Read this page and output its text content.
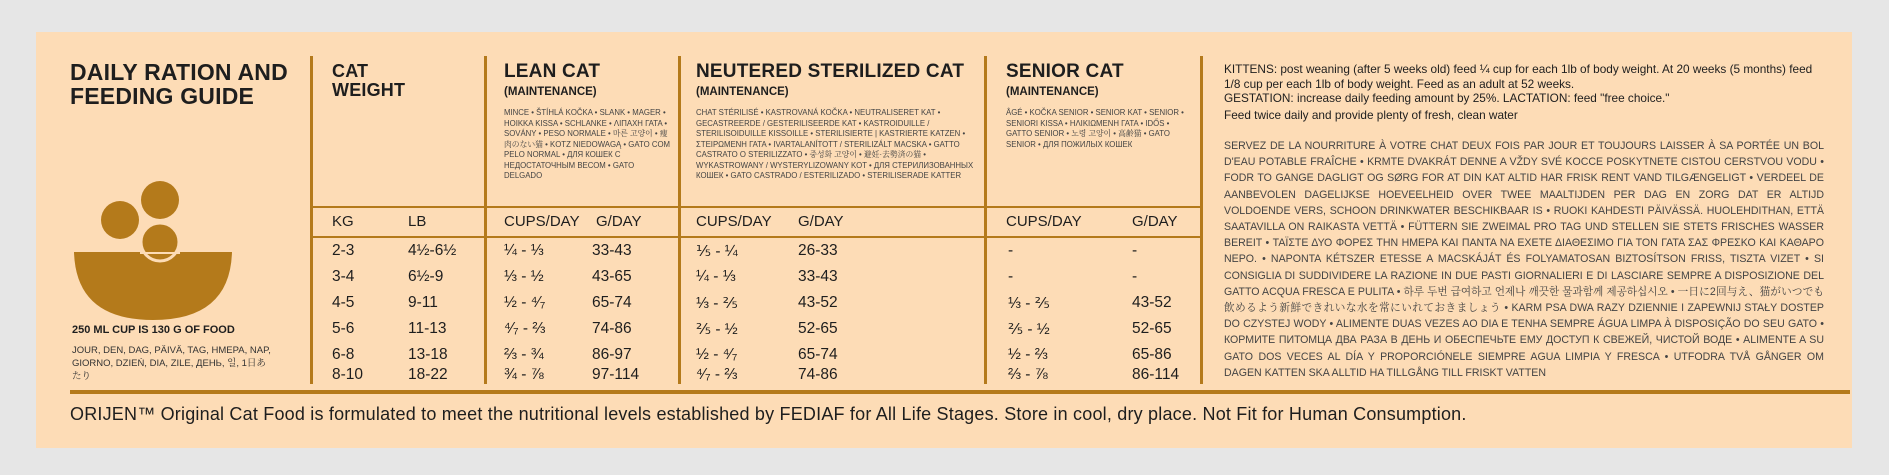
DAILY RATION AND FEEDING GUIDE
250 ML CUP IS 130 G OF FOOD
JOUR, DEN, DAG, PÄIVÄ, TAG, HMEPA, NAP, GIORNO, DZIEŃ, DIA, ZILE, ДЕНЬ, 일, 1日あたり
CAT
WEIGHT
LEAN CAT
(MAINTENANCE)
MINCE • ŠTÍHLÁ KOČKA • SLANK • MAGER • HOIKKA KISSA • SCHLANKE • ΛΙΠΑΧΗ ΓΑΤΑ • SOVÁNY • PESO NORMALE • 마른 고양이 • 痩肉のない猫 • KOTZ NIEDOWAGĄ • GATO COM PELO NORMAL • ДЛЯ КОШЕК С НЕДОСТАТОЧНЫМ ВЕСОМ • GATO DELGADO
NEUTERED STERILIZED CAT
(MAINTENANCE)
CHAT STÉRILISÉ • KASTROVANÁ KOČKA • NEUTRALISERET KAT • GECASTREERDE / GESTERILISEERDE KAT • KASTROIDUILLE / STERILISOIDUILLE KISSOILLE • STERILISIERTE | KASTRIERTE KATZEN • ΣΤΕΙΡΩΜΕΝΗ ΓΑΤΑ • IVARTALANÍTOTT / STERILIZÁLT MACSKA • GATTO CASTRATO O STERILIZZATO • 중성화 고양이 • 避妊·去勢済の猫 • WYKASTROWANY / WYSTERYLIZOWANY KOT • ДЛЯ СТЕРИЛИЗОВАННЫХ КОШЕК • GATO CASTRADO / ESTERILIZADO • STERILISERADE KATTER
SENIOR CAT
(MAINTENANCE)
ÂGÉ • KOČKA SENIOR • SENIOR KAT • SENIOR • SENIORI KISSA • ΗΛΙΚΙΩΜΕΝΗ ΓΑΤΑ • IDŐS • GATTO SENIOR • 노령 고양이 • 高齢猫 • GATO SENIOR • ДЛЯ ПОЖИЛЫХ КОШЕК
KG	LB	CUPS/DAY G/DAY	CUPS/DAY G/DAY	CUPS/DAY	G/DAY
2-3	4½-6½	¼ - ⅓	33-43	⅕ - ¼	26-33	-	-
3-4	6½-9	⅓ - ½	43-65	¼ - ⅓	33-43	-	-
4-5	9-11	½ - ⁴⁄₇	65-74	⅓ - ⅖	43-52	⅓ - ⅖	43-52
5-6	11-13	⁴⁄₇ - ⅔	74-86	⅖ - ½	52-65	⅖ - ½	52-65
6-8	13-18	⅔ - ¾	86-97	½ - ⁴⁄₇	65-74	½ - ⅔	65-86
8-10	18-22	¾ - ⅞	97-114	⁴⁄₇ - ⅔	74-86	⅔ - ⅞	86-114
KITTENS: post weaning (after 5 weeks old) feed ¼ cup for each 1lb of body weight. At 20 weeks (5 months) feed 1/8 cup per each 1lb of body weight. Feed as an adult at 52 weeks.
GESTATION: increase daily feeding amount by 25%. LACTATION: feed "free choice."
Feed twice daily and provide plenty of fresh, clean water
SERVEZ DE LA NOURRITURE À VOTRE CHAT DEUX FOIS PAR JOUR ET TOUJOURS LAISSER À SA PORTÉE UN BOL D'EAU POTABLE FRAÎCHE • KRMTE DVAKRÁT DENNE A VŽDY SVÉ KOCCE POSKYTNETE CISTOU CERSTVOU VODU • FODR TO GANGE DAGLIGT OG SØRG FOR AT DIN KAT ALTID HAR FRISK RENT VAND TILGÆNGELIGT • VERDEEL DE AANBEVOLEN DAGELIJKSE HOEVEELHEID OVER TWEE MAALTIJDEN PER DAG EN ZORG DAT ER ALTIJD VOLDOENDE VERS, SCHOON DRINKWATER BESCHIKBAAR IS • RUOKI KAHDESTI PÄIVÄSSÄ. HUOLEHDITHAN, ETTÄ SAATAVILLA ON RAIKASTA VETTÄ • FÜTTERN SIE ZWEIMAL PRO TAG UND STELLEN SIE STETS FRISCHES WASSER BEREIT • ΤΑΪΣΤΕ ΔΥΟ ΦΟΡΕΣ ΤΗΝ ΗΜΕΡΑ ΚΑΙ ΠΑΝΤΑ ΝΑ ΕΧΕΤΕ ΔΙΑΘΕΣΙΜΟ ΓΙΑ ΤΟΝ ΓΑΤΑ ΣΑΣ ΦΡΕΣΚΟ ΚΑΙ ΚΑΘΑΡΟ ΝΕΡΟ. • NAPONTA KÉTSZER ETESSE A MACSKÁJÁT ÉS FOLYAMATOSAN BIZTOSÍTSON FRISS, TISZTA VIZET • SI CONSIGLIA DI SUDDIVIDERE LA RAZIONE IN DUE PASTI GIORNALIERI E DI LASCIARE SEMPRE A DISPOSIZIONE DEL GATTO ACQUA FRESCA E PULITA • 하루 두번 급여하고 언제나 깨끗한 물과함께 제공하십시오 • 一日に2回与え、猫がいつでも飲めるよう新鮮できれいな水を常にいれておきましょう • KARM PSA DWA RAZY DZIENNIE I ZAPEWNIJ STAŁY DOSTEP DO CZYSTEJ WODY • ALIMENTE DUAS VEZES AO DIA E TENHA SEMPRE ÁGUA LIMPA À DISPOSIÇÃO DO SEU GATO • КОРМИТЕ ПИТОМЦА ДВА РАЗА В ДЕНЬ И ОБЕСПЕЧЬТЕ ЕМУ ДОСТУП К СВЕЖЕЙ, ЧИСТОЙ ВОДЕ • ALIMENTE A SU GATO DOS VECES AL DÍA Y PROPORCIÓNELE SIEMPRE AGUA LIMPIA Y FRESCA • UTFODRA TVÅ GÅNGER OM DAGEN KATTEN SKA ALLTID HA TILLGÅNG TILL FRISKT VATTEN
ORIJEN™ Original Cat Food is formulated to meet the nutritional levels established by FEDIAF for All Life Stages. Store in cool, dry place. Not Fit for Human Consumption.
